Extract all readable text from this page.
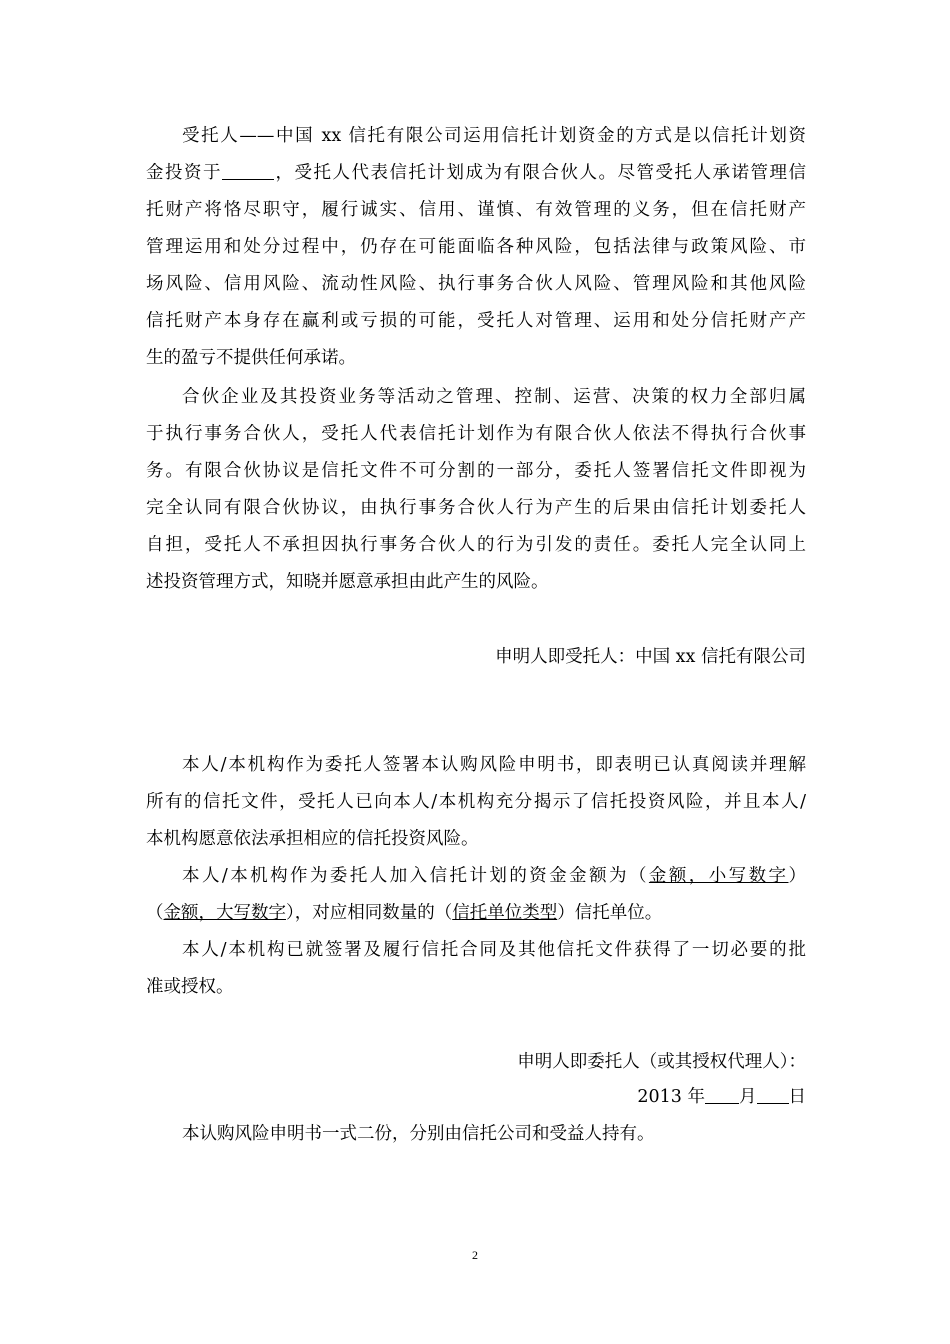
受托人——中国 xx 信托有限公司运用信托计划资金的方式是以信托计划资
金投资于	，受托人代表信托计划成为有限合伙人。尽管受托人承诺管理信
托财产将恪尽职守，履行诚实、信用、谨慎、有效管理的义务，但在信托财产
管理运用和处分过程中，仍存在可能面临各种风险，包括法律与政策风险、市
场风险、信用风险、流动性风险、执行事务合伙人风险、管理风险和其他风险
信托财产本身存在赢利或亏损的可能，受托人对管理、运用和处分信托财产产
生的盈亏不提供任何承诺。
合伙企业及其投资业务等活动之管理、控制、运营、决策的权力全部归属
于执行事务合伙人，受托人代表信托计划作为有限合伙人依法不得执行合伙事
务。有限合伙协议是信托文件不可分割的一部分，委托人签署信托文件即视为
完全认同有限合伙协议，由执行事务合伙人行为产生的后果由信托计划委托人
自担，受托人不承担因执行事务合伙人的行为引发的责任。委托人完全认同上
述投资管理方式，知晓并愿意承担由此产生的风险。
申明人即受托人：中国 xx 信托有限公司
本人/本机构作为委托人签署本认购风险申明书，即表明已认真阅读并理解
所有的信托文件，受托人已向本人/本机构充分揭示了信托投资风险，并且本人/
本机构愿意依法承担相应的信托投资风险。
本人/本机构作为委托人加入信托计划的资金金额为（金额，小写数字）
（金额，大写数字），对应相同数量的（信托单位类型）信托单位。
本人/本机构已就签署及履行信托合同及其他信托文件获得了一切必要的批
准或授权。
申明人即委托人（或其授权代理人）：
2013 年 月 日
本认购风险申明书一式二份，分别由信托公司和受益人持有。
2
